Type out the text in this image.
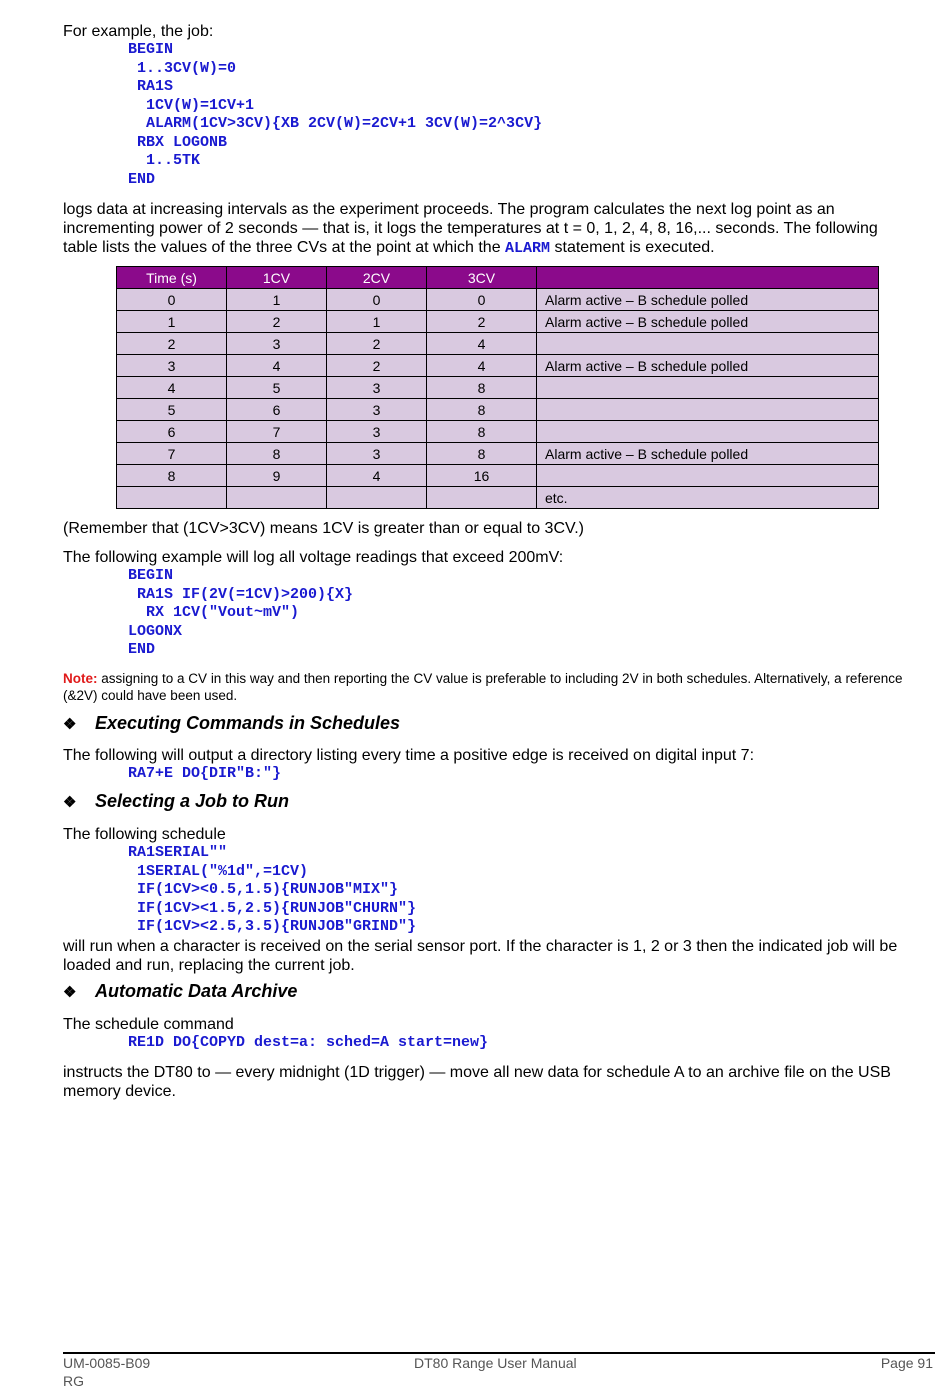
For example, the job:

BEGIN
1..3CV(W)=0
RA1S
1CV(W)=1CV+1
ALARM(1CV>3CV){XB 2CV(W)=2CV+1 3CV(W)=2^3CV}
RBX LOGONB
1..5TK
END

logs data at increasing intervals as the experiment proceeds. The program calculates the next log point as an incrementing power of 2 seconds — that is, it logs the temperatures at t = 0, 1, 2, 4, 8, 16,... seconds. The following table lists the values of the three CVs at the point at which the ALARM statement is executed.

Time (s)	1CV	2CV	3CV	
0	1	0	0	Alarm active – B schedule polled
1	2	1	2	Alarm active – B schedule polled
2	3	2	4	
3	4	2	4	Alarm active – B schedule polled
4	5	3	8	
5	6	3	8	
6	7	3	8	
7	8	3	8	Alarm active – B schedule polled
8	9	4	16	
				etc.

(Remember that (1CV>3CV) means 1CV is greater than or equal to 3CV.)

The following example will log all voltage readings that exceed 200mV:

BEGIN
RA1S IF(2V(=1CV)>200){X}
RX 1CV("Vout~mV")
LOGONX
END

Note: assigning to a CV in this way and then reporting the CV value is preferable to including 2V in both schedules. Alternatively, a reference (&2V) could have been used.

❖ Executing Commands in Schedules

The following will output a directory listing every time a positive edge is received on digital input 7:

RA7+E DO{DIR"B:"}

❖ Selecting a Job to Run

The following schedule

RA1SERIAL""
1SERIAL("%1d",=1CV)
IF(1CV><0.5,1.5){RUNJOB"MIX"}
IF(1CV><1.5,2.5){RUNJOB"CHURN"}
IF(1CV><2.5,3.5){RUNJOB"GRIND"}

will run when a character is received on the serial sensor port. If the character is 1, 2 or 3 then the indicated job will be loaded and run, replacing the current job.

❖ Automatic Data Archive

The schedule command

RE1D DO{COPYD dest=a: sched=A start=new}

instructs the DT80 to — every midnight (1D trigger) — move all new data for schedule A to an archive file on the USB memory device.

UM-0085-B09
RG
DT80 Range User Manual	Page 91
